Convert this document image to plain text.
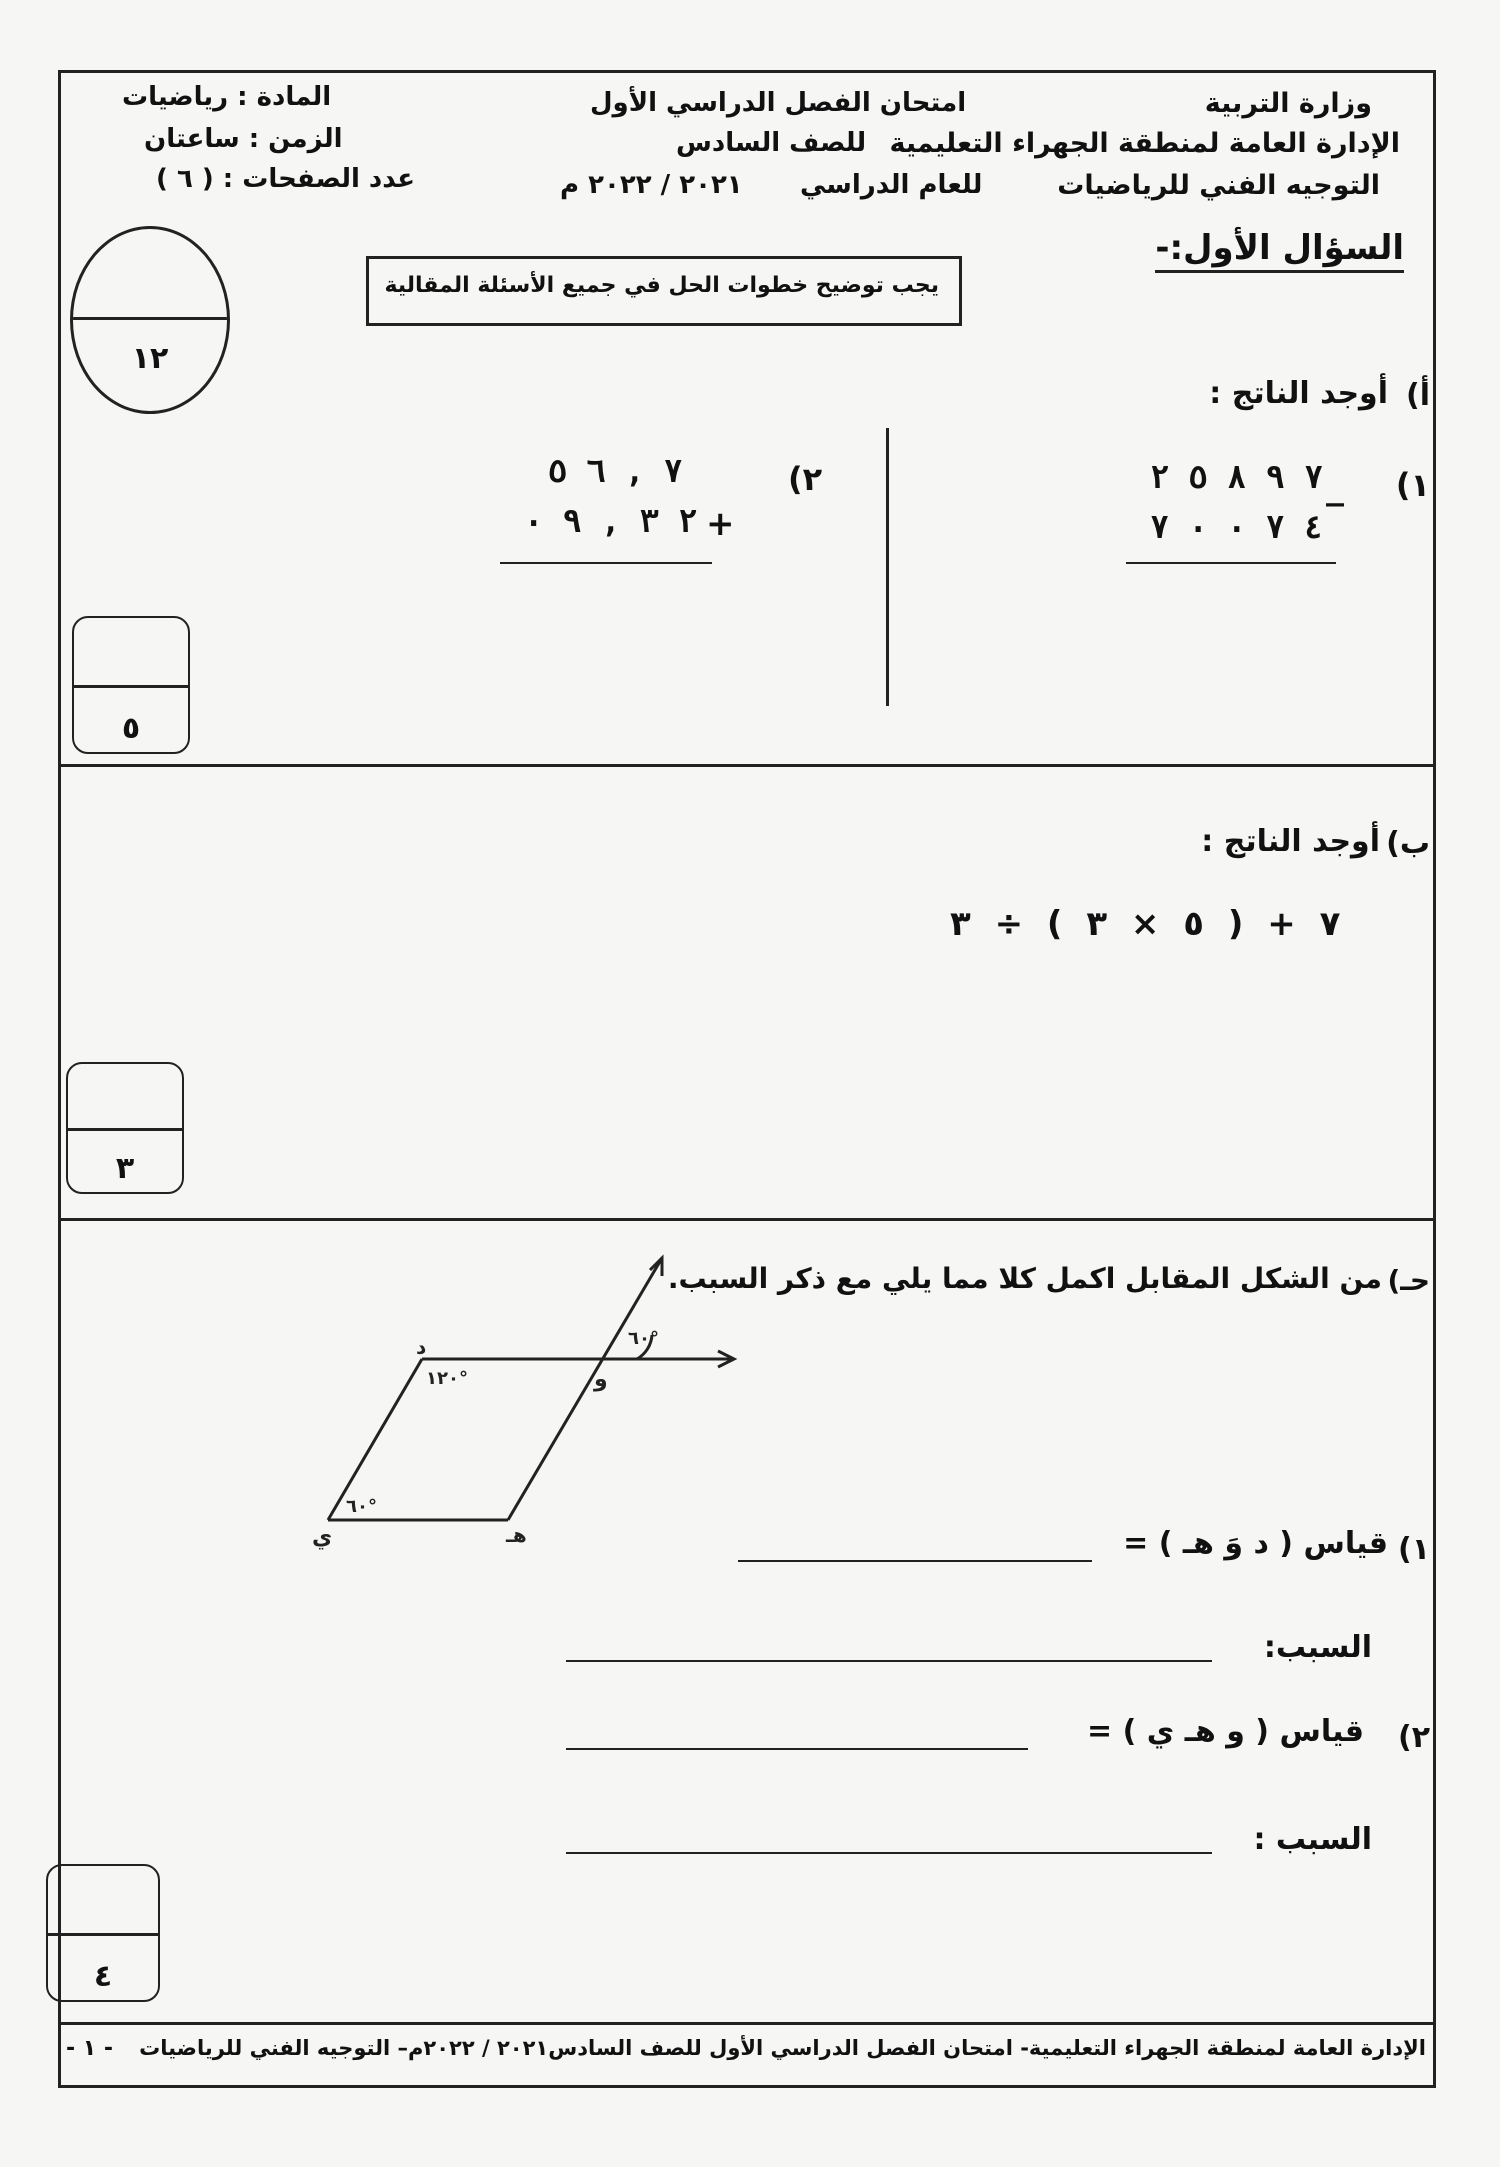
وزارة التربية
الإدارة العامة لمنطقة الجهراء التعليمية
التوجيه الفني للرياضيات
امتحان الفصل الدراسي الأول
للصف السادس
للعام الدراسي
٢٠٢١ / ٢٠٢٢ م
المادة : رياضيات
الزمن : ساعتان
عدد الصفحات : ( ٦ )
السؤال الأول:-
يجب توضيح خطوات الحل في جميع الأسئلة المقالية
١٢
أ)
أوجد الناتج :
١)
٧ ٩ ٨ ٥ ٢
٤ ٧ ٠ ٠ ٧
_
٢)
٧ , ٦ ٥
٢ ٣ , ٩ ٠ +
٥
ب)
أوجد الناتج :
٧ + ( ٥ × ٣ ) ÷ ٣
٣
حـ)
من الشكل المقابل اكمل كلا مما يلي مع ذكر السبب.
د
و
هـ
ي
١٢٠°
٦٠°
٦٠°
١)
قياس ( د وَ هـ ) =
السبب:
٢)
قياس ( و هـ ي ) =
السبب :
٤
الإدارة العامة لمنطقة الجهراء التعليمية- امتحان الفصل الدراسي الأول للصف السادس٢٠٢١ / ٢٠٢٢م– التوجيه الفني للرياضيات
- ١ -
